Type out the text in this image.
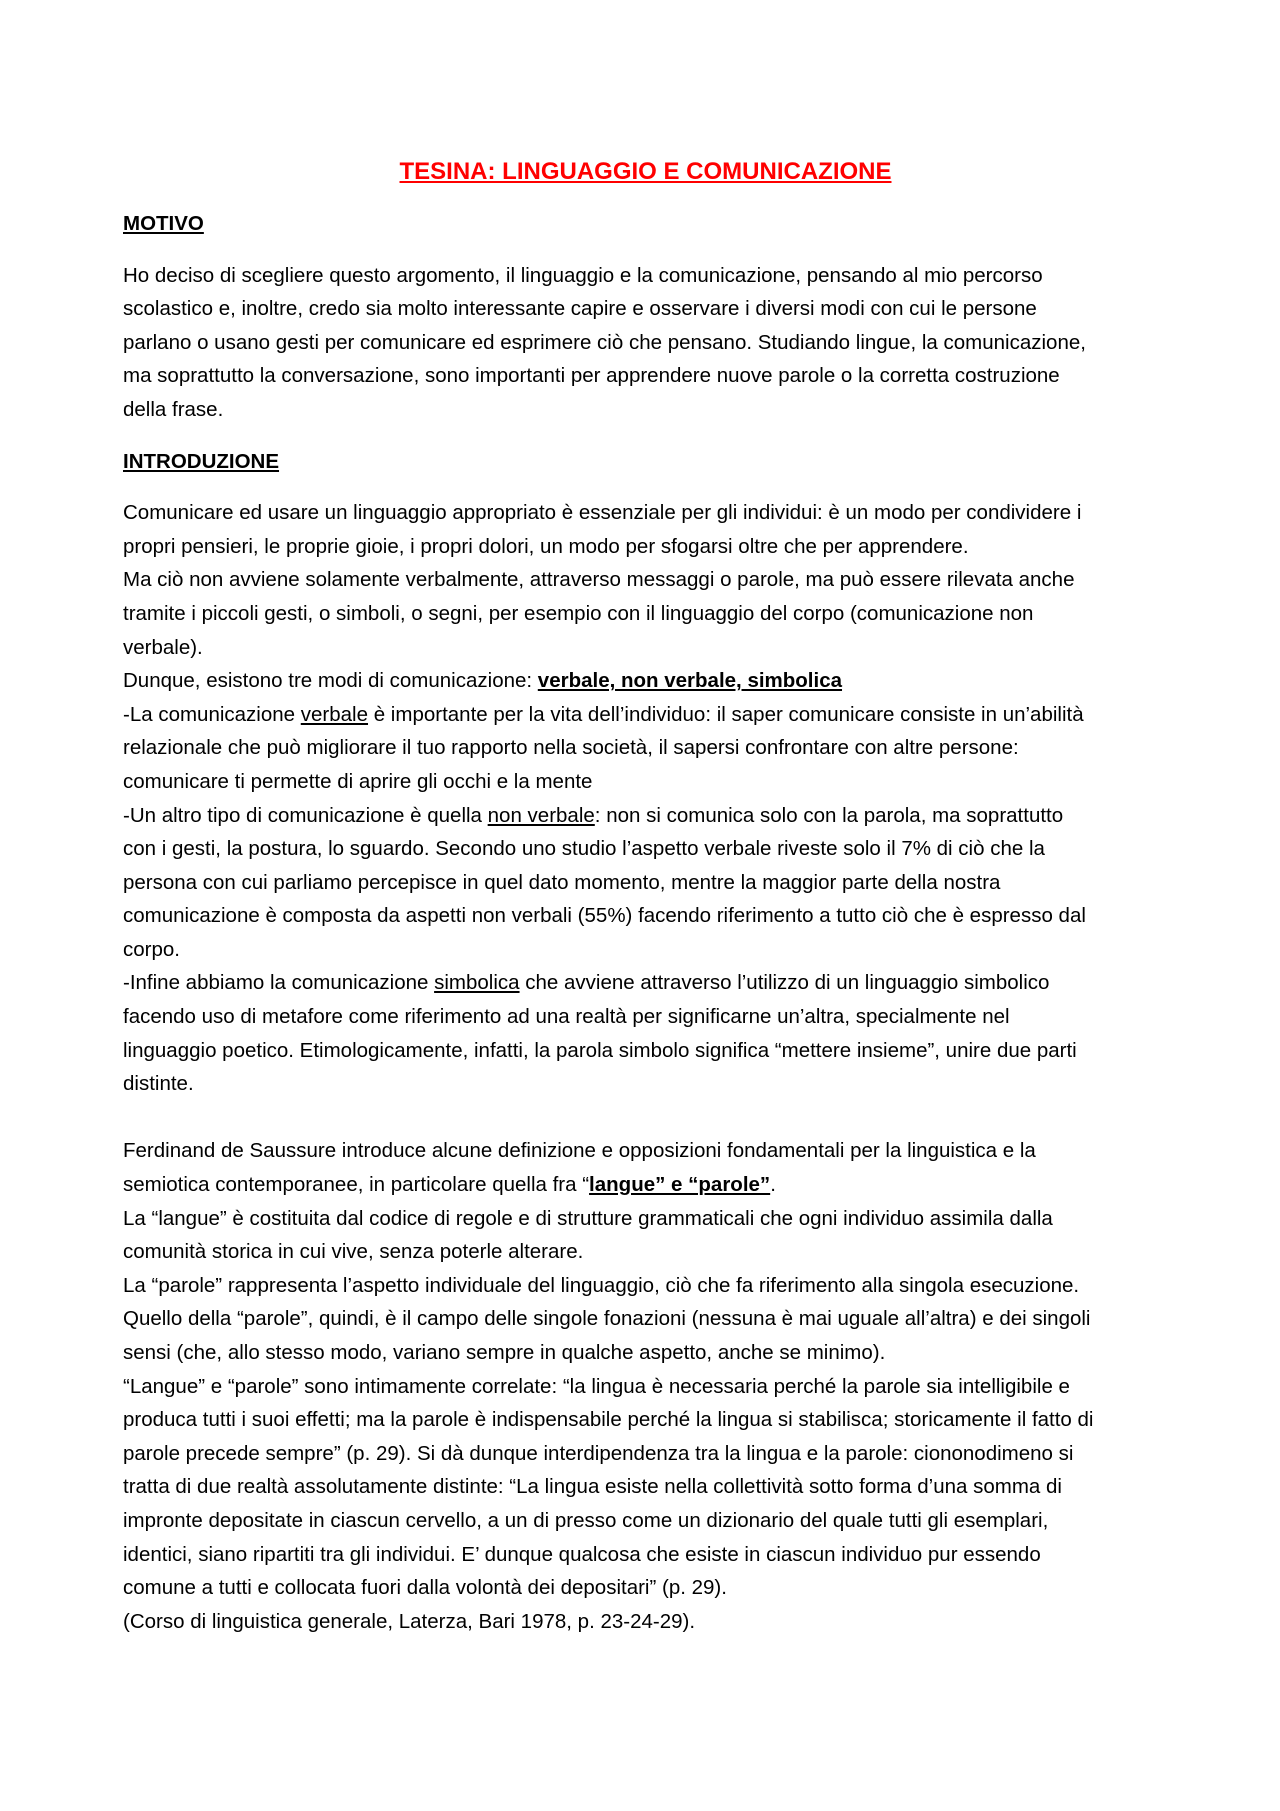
TESINA: LINGUAGGIO E COMUNICAZIONE
MOTIVO
Ho deciso di scegliere questo argomento, il linguaggio e la comunicazione, pensando al mio percorso
scolastico e, inoltre, credo sia molto interessante capire e osservare i diversi modi con cui le persone
parlano o usano gesti per comunicare ed esprimere ciò che pensano. Studiando lingue, la comunicazione,
ma soprattutto la conversazione, sono importanti per apprendere nuove parole o la corretta costruzione
della frase.
INTRODUZIONE
Comunicare ed usare un linguaggio appropriato è essenziale per gli individui: è un modo per condividere i
propri pensieri, le proprie gioie, i propri dolori, un modo per sfogarsi oltre che per apprendere.
Ma ciò non avviene solamente verbalmente, attraverso messaggi o parole, ma può essere rilevata anche
tramite i piccoli gesti, o simboli, o segni, per esempio con il linguaggio del corpo (comunicazione non
verbale).
Dunque, esistono tre modi di comunicazione: verbale, non verbale, simbolica
-La comunicazione verbale è importante per la vita dell’individuo: il saper comunicare consiste in un’abilità
relazionale che può migliorare il tuo rapporto nella società, il sapersi confrontare con altre persone:
comunicare ti permette di aprire gli occhi e la mente
-Un altro tipo di comunicazione è quella non verbale: non si comunica solo con la parola, ma soprattutto
con i gesti, la postura, lo sguardo. Secondo uno studio l’aspetto verbale riveste solo il 7% di ciò che la
persona con cui parliamo percepisce in quel dato momento, mentre la maggior parte della nostra
comunicazione è composta da aspetti non verbali (55%) facendo riferimento a tutto ciò che è espresso dal
corpo.
-Infine abbiamo la comunicazione simbolica che avviene attraverso l’utilizzo di un linguaggio simbolico
facendo uso di metafore come riferimento ad una realtà per significarne un’altra, specialmente nel
linguaggio poetico. Etimologicamente, infatti, la parola simbolo significa “mettere insieme”, unire due parti
distinte.
Ferdinand de Saussure introduce alcune definizione e opposizioni fondamentali per la linguistica e la
semiotica contemporanee, in particolare quella fra “langue” e “parole”.
La “langue” è costituita dal codice di regole e di strutture grammaticali che ogni individuo assimila dalla
comunità storica in cui vive, senza poterle alterare.
La “parole” rappresenta l’aspetto individuale del linguaggio, ciò che fa riferimento alla singola esecuzione.
Quello della “parole”, quindi, è il campo delle singole fonazioni (nessuna è mai uguale all’altra) e dei singoli
sensi (che, allo stesso modo, variano sempre in qualche aspetto, anche se minimo).
“Langue” e “parole” sono intimamente correlate: “la lingua è necessaria perché la parole sia intelligibile e
produca tutti i suoi effetti; ma la parole è indispensabile perché la lingua si stabilisca; storicamente il fatto di
parole precede sempre” (p. 29). Si dà dunque interdipendenza tra la lingua e la parole: ciononodimeno si
tratta di due realtà assolutamente distinte: “La lingua esiste nella collettività sotto forma d’una somma di
impronte depositate in ciascun cervello, a un di presso come un dizionario del quale tutti gli esemplari,
identici, siano ripartiti tra gli individui. E’ dunque qualcosa che esiste in ciascun individuo pur essendo
comune a tutti e collocata fuori dalla volontà dei depositari” (p. 29).
(Corso di linguistica generale, Laterza, Bari 1978, p. 23-24-29).
